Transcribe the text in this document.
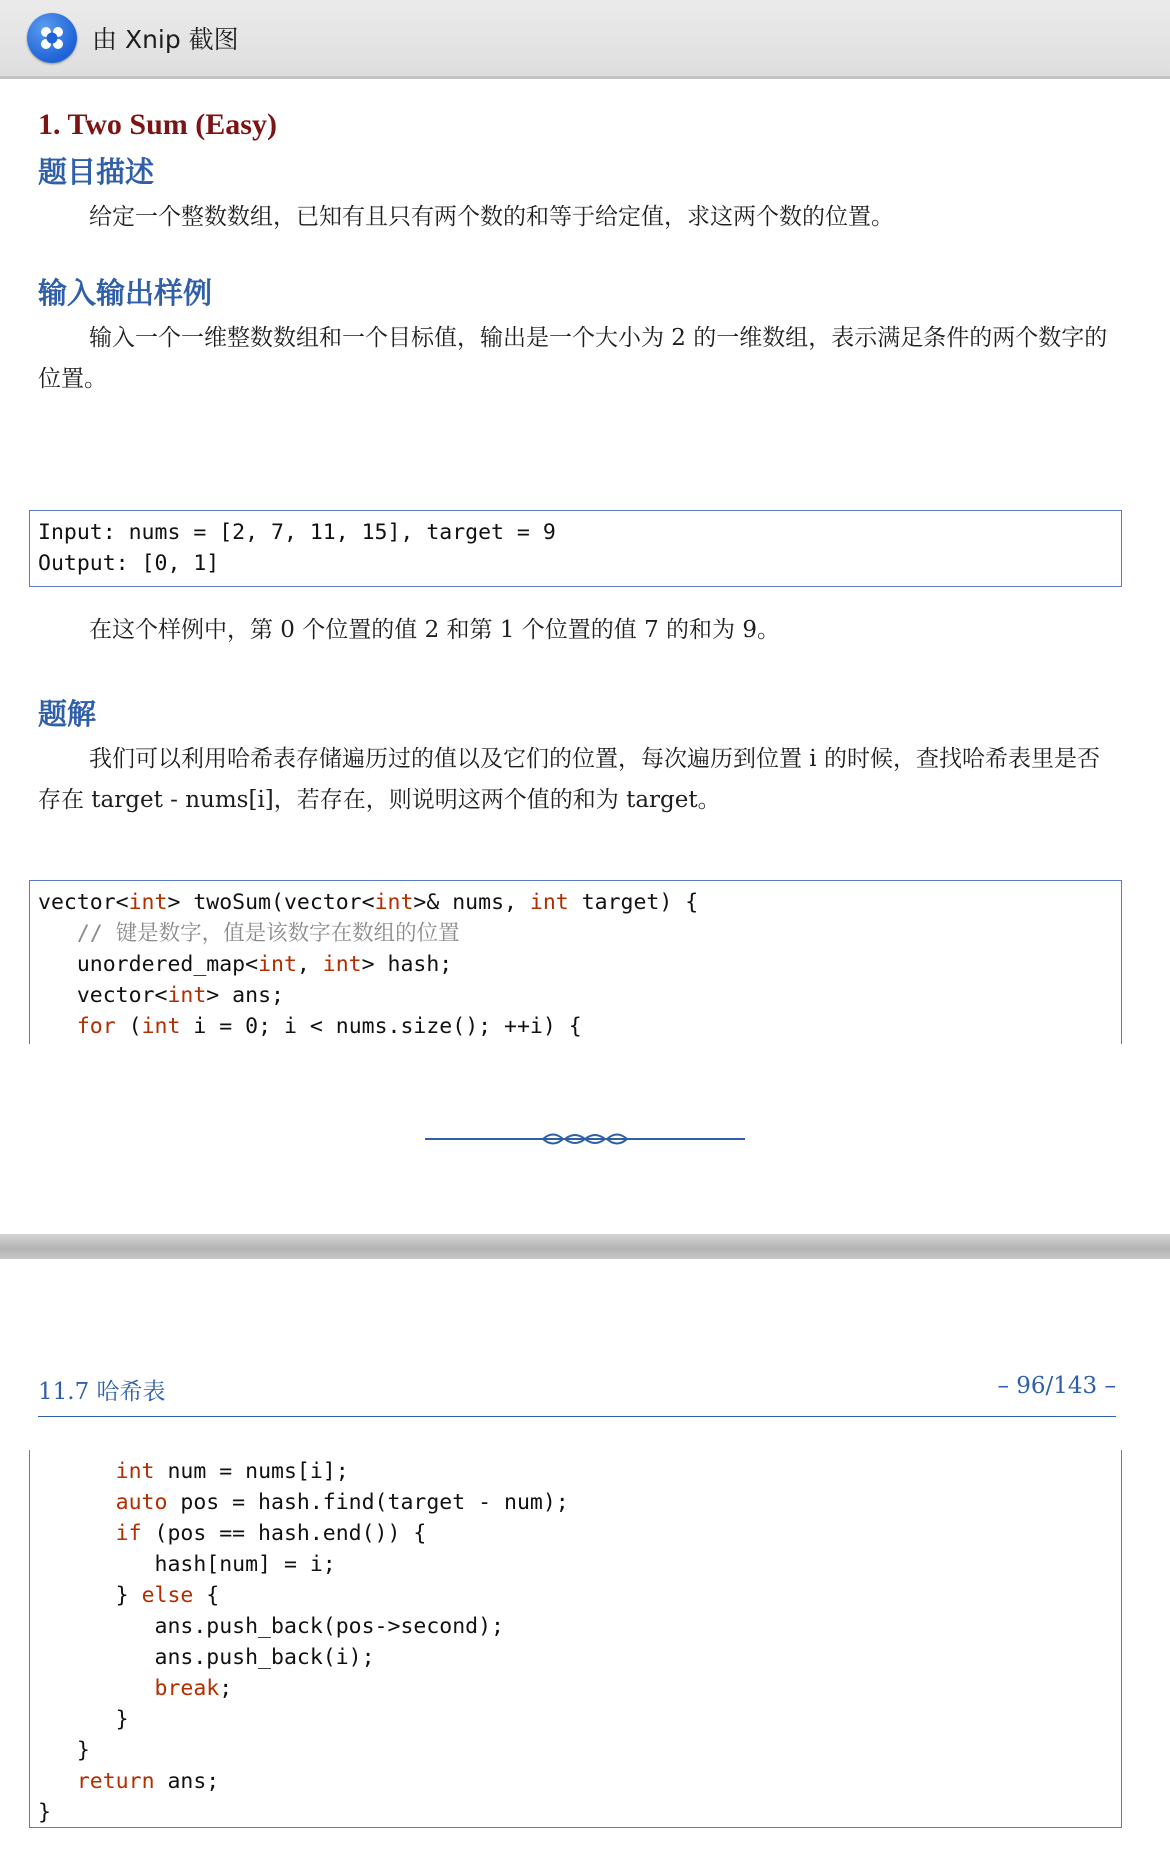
由 Xnip 截图
1. Two Sum (Easy)
题目描述
给定一个整数数组，已知有且只有两个数的和等于给定值，求这两个数的位置。
输入输出样例
输入一个一维整数数组和一个目标值，输出是一个大小为 2 的一维数组，表示满足条件的两个数字的位置。
Input: nums = [2, 7, 11, 15], target = 9
Output: [0, 1]
在这个样例中，第 0 个位置的值 2 和第 1 个位置的值 7 的和为 9。
题解
我们可以利用哈希表存储遍历过的值以及它们的位置，每次遍历到位置 i 的时候，查找哈希表里是否存在 target - nums[i]，若存在，则说明这两个值的和为 target。
vector<int> twoSum(vector<int>& nums, int target) {
// 键是数字，值是该数字在数组的位置
unordered_map<int, int> hash;
vector<int> ans;
for (int i = 0; i < nums.size(); ++i) {
11.7 哈希表	– 96/143 –
int num = nums[i];
auto pos = hash.find(target - num);
if (pos == hash.end()) {
hash[num] = i;
} else {
ans.push_back(pos->second);
ans.push_back(i);
break;
}
}
return ans;
}
